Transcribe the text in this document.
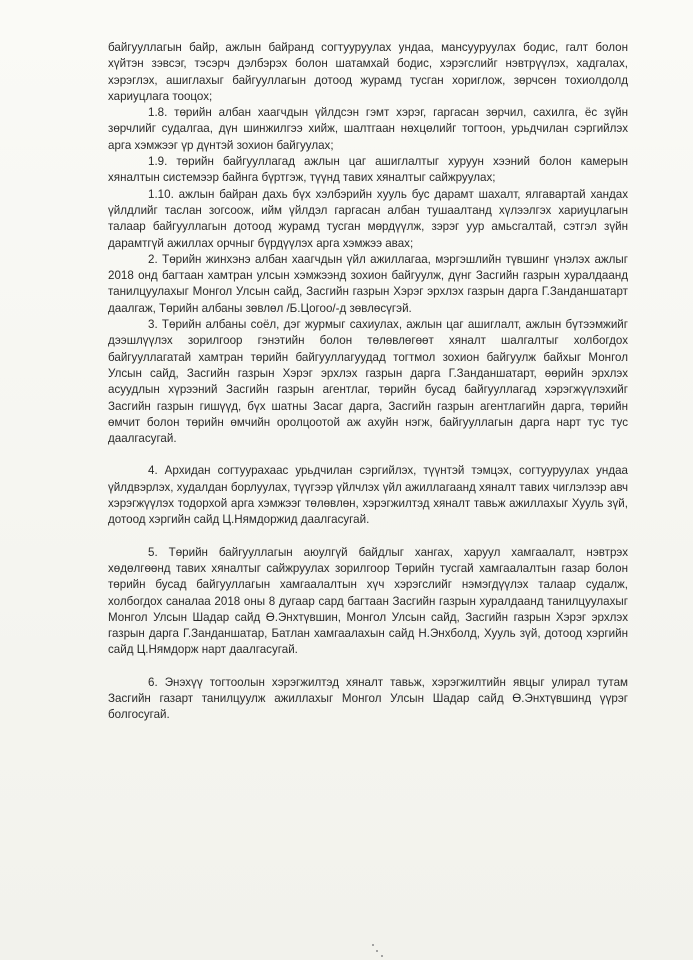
байгууллагын байр, ажлын байранд согтууруулах ундаа, мансууруулах бодис, галт болон хүйтэн зэвсэг, тэсэрч дэлбэрэх болон шатамхай бодис, хэрэгслийг нэвтрүүлэх, хадгалах, хэрэглэх, ашиглахыг байгууллагын дотоод журамд тусган хориглож, зөрчсөн тохиолдолд хариуцлага тооцох;

1.8. төрийн албан хаагчдын үйлдсэн гэмт хэрэг, гаргасан зөрчил, сахилга, ёс зүйн зөрчлийг судалгаа, дүн шинжилгээ хийж, шалтгаан нөхцөлийг тогтоон, урьдчилан сэргийлэх арга хэмжээг үр дүнтэй зохион байгуулах;

1.9. төрийн байгууллагад ажлын цаг ашиглалтыг хуруун хээний болон камерын хяналтын системээр байнга бүртгэж, түүнд тавих хяналтыг сайжруулах;

1.10. ажлын байран дахь бүх хэлбэрийн хууль бус дарамт шахалт, ялгавартай хандах үйлдлийг таслан зогсоож, ийм үйлдэл гаргасан албан тушаалтанд хүлээлгэх хариуцлагын талаар байгууллагын дотоод журамд тусган мөрдүүлж, зэрэг уур амьсгалтай, сэтгэл зүйн дарамтгүй ажиллах орчныг бүрдүүлэх арга хэмжээ авах;

2. Төрийн жинхэнэ албан хаагчдын үйл ажиллагаа, мэргэшлийн түвшинг үнэлэх ажлыг 2018 онд багтаан хамтран улсын хэмжээнд зохион байгуулж, дүнг Засгийн газрын хуралдаанд танилцуулахыг Монгол Улсын сайд, Засгийн газрын Хэрэг эрхлэх газрын дарга Г.Занданшатарт даалгаж, Төрийн албаны зөвлөл /Б.Цогоо/-д зөвлөсүгэй.

3. Төрийн албаны соёл, дэг журмыг сахиулах, ажлын цаг ашиглалт, ажлын бүтээмжийг дээшлүүлэх зорилгоор гэнэтийн болон төлөвлөгөөт хяналт шалгалтыг холбогдох байгууллагатай хамтран төрийн байгууллагуудад тогтмол зохион байгуулж байхыг Монгол Улсын сайд, Засгийн газрын Хэрэг эрхлэх газрын дарга Г.Занданшатарт, өөрийн эрхлэх асуудлын хүрээний Засгийн газрын агентлаг, төрийн бусад байгууллагад хэрэгжүүлэхийг Засгийн газрын гишүүд, бүх шатны Засаг дарга, Засгийн газрын агентлагийн дарга, төрийн өмчит болон төрийн өмчийн оролцоотой аж ахуйн нэгж, байгууллагын дарга нарт тус тус даалгасугай.

4. Архидан согтуурахаас урьдчилан сэргийлэх, түүнтэй тэмцэх, согтууруулах ундаа үйлдвэрлэх, худалдан борлуулах, түүгээр үйлчлэх үйл ажиллагаанд хяналт тавих чиглэлээр авч хэрэгжүүлэх тодорхой арга хэмжээг төлөвлөн, хэрэгжилтэд хяналт тавьж ажиллахыг Хууль зүй, дотоод хэргийн сайд Ц.Нямдоржид даалгасугай.

5. Төрийн байгууллагын аюулгүй байдлыг хангах, харуул хамгаалалт, нэвтрэх хөдөлгөөнд тавих хяналтыг сайжруулах зорилгоор Төрийн тусгай хамгаалалтын газар болон төрийн бусад байгууллагын хамгаалалтын хүч хэрэгслийг нэмэгдүүлэх талаар судалж, холбогдох саналаа 2018 оны 8 дугаар сард багтаан Засгийн газрын хуралдаанд танилцуулахыг Монгол Улсын Шадар сайд Ө.Энхтүвшин, Монгол Улсын сайд, Засгийн газрын Хэрэг эрхлэх газрын дарга Г.Занданшатар, Батлан хамгаалахын сайд Н.Энхболд, Хууль зүй, дотоод хэргийн сайд Ц.Нямдорж нарт даалгасугай.

6. Энэхүү тогтоолын хэрэгжилтэд хяналт тавьж, хэрэгжилтийн явцыг улирал тутам Засгийн газарт танилцуулж ажиллахыг Монгол Улсын Шадар сайд Ө.Энхтүвшинд үүрэг болгосугай.
